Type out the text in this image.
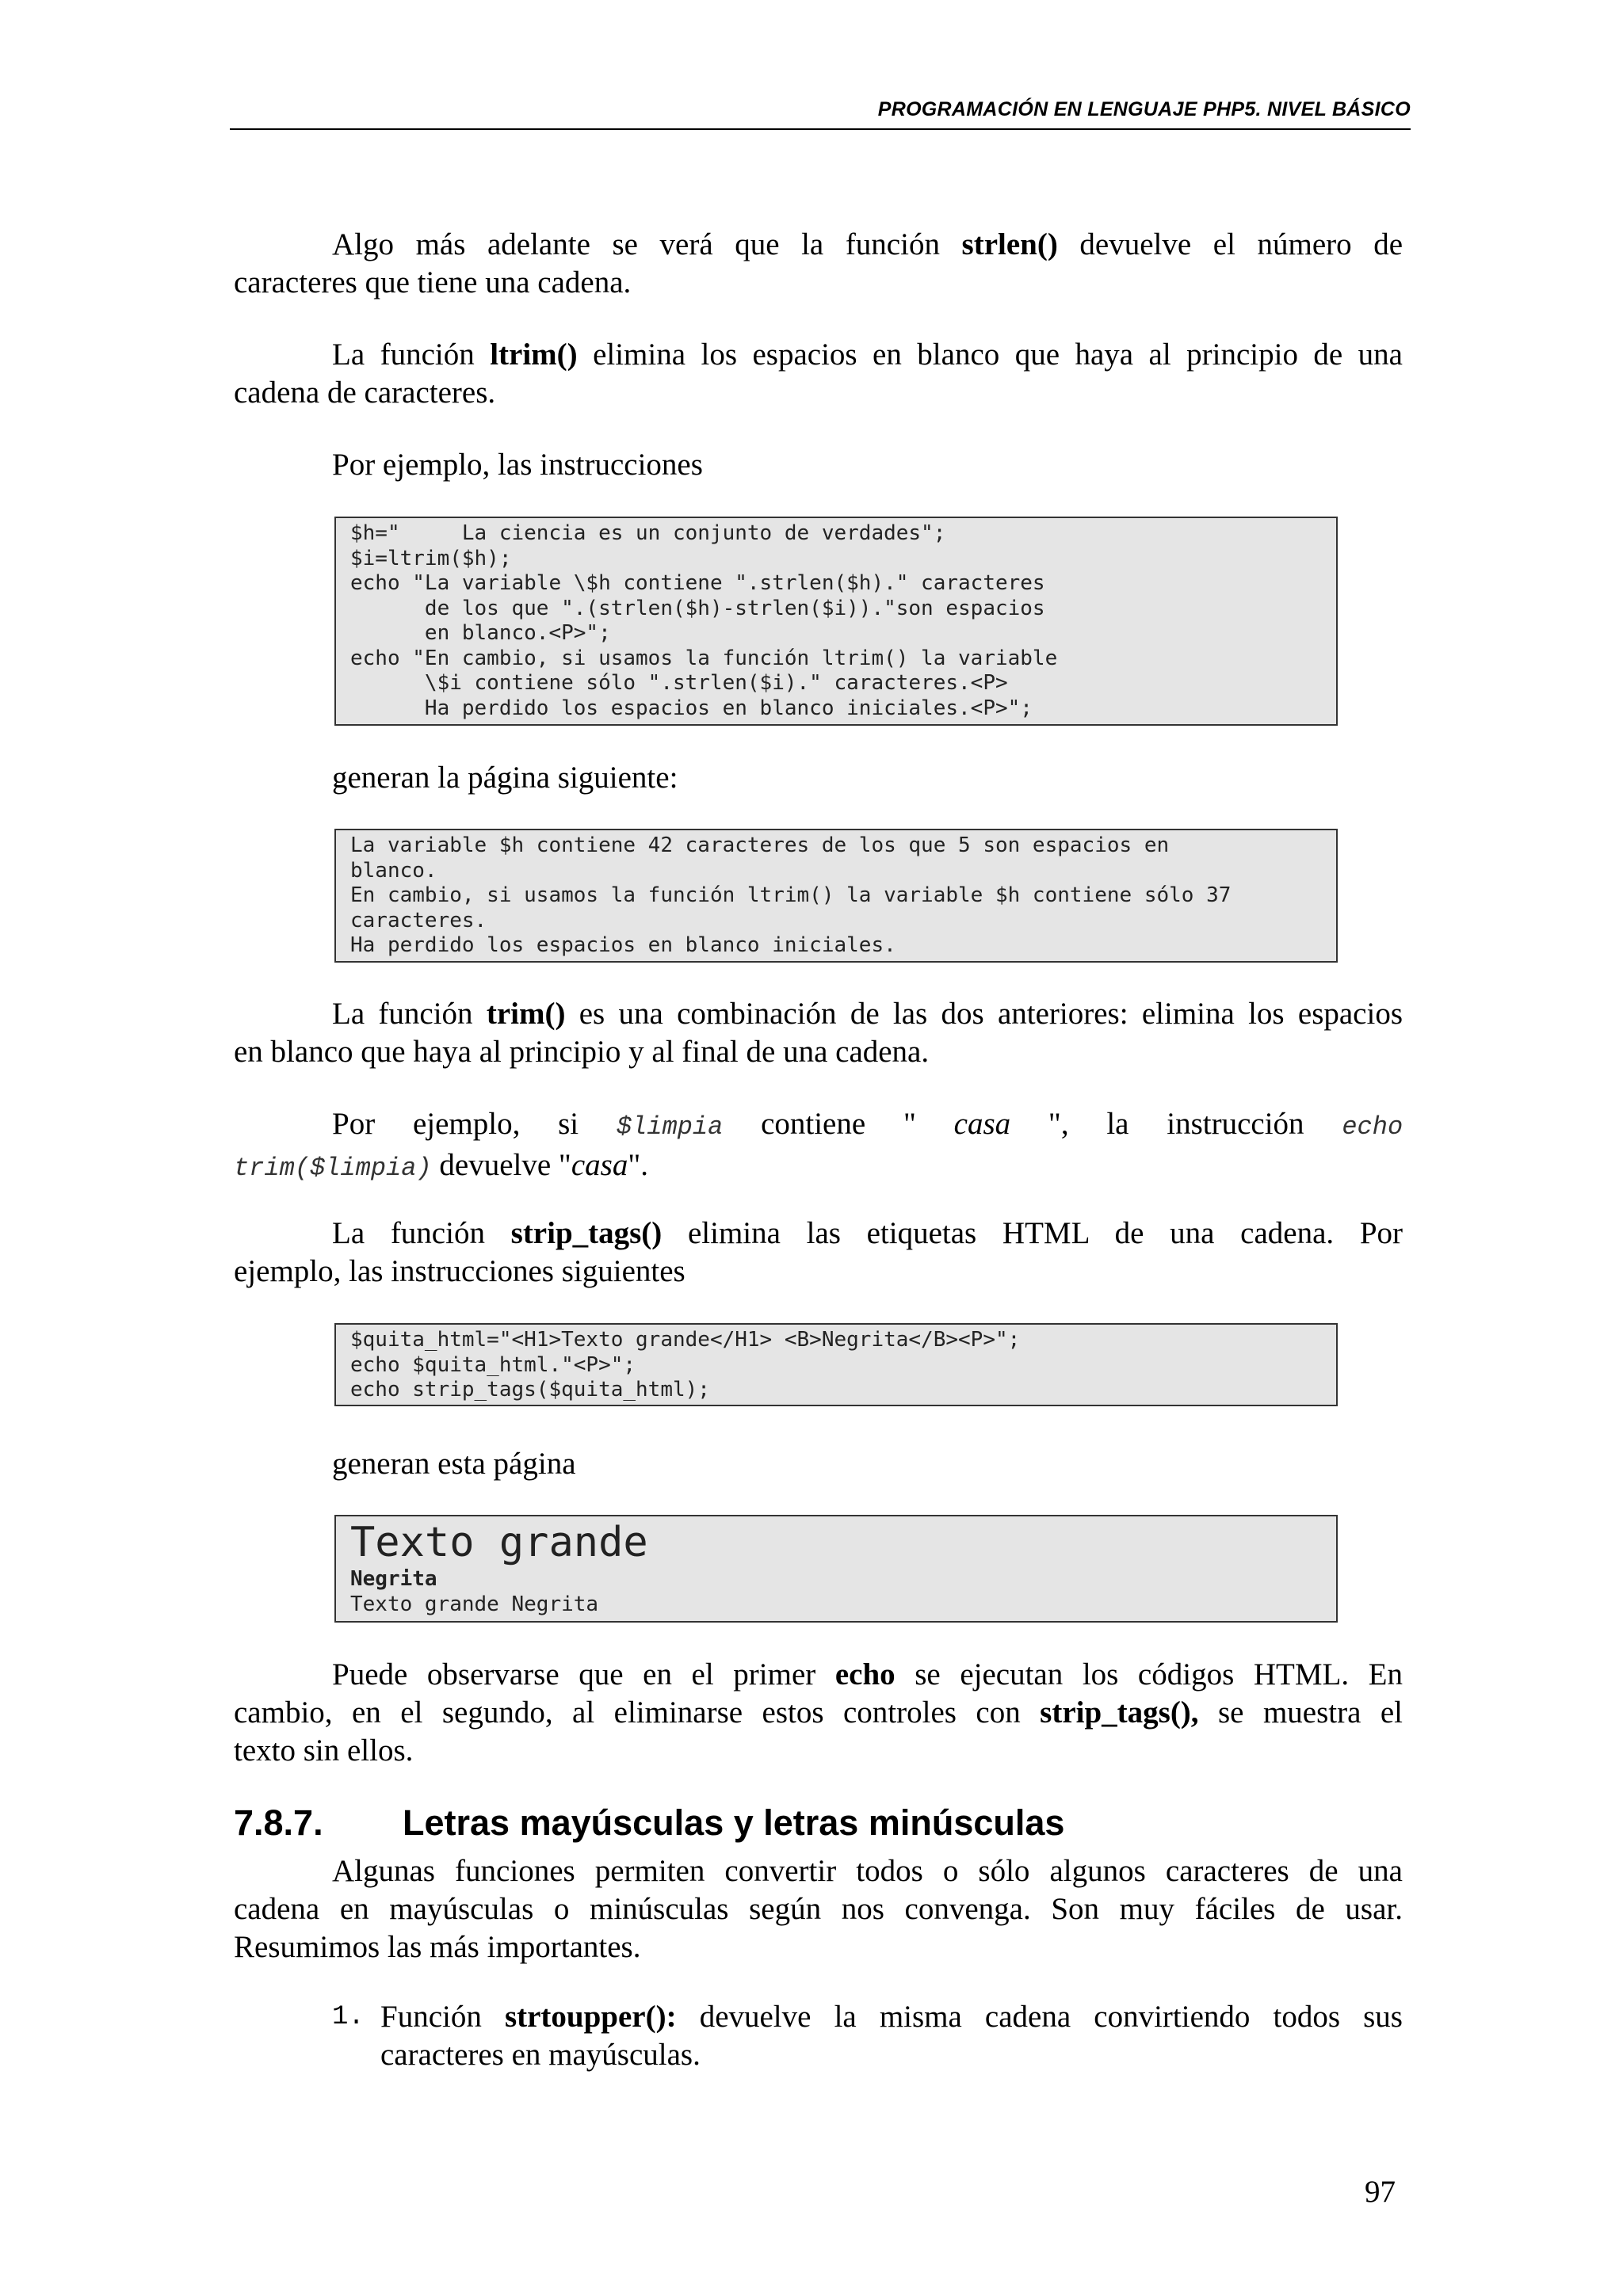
PROGRAMACIÓN EN LENGUAJE PHP5. NIVEL BÁSICO
Algo más adelante se verá que la función strlen() devuelve el número de
caracteres que tiene una cadena.
La función ltrim() elimina los espacios en blanco que haya al principio de una
cadena de caracteres.
Por ejemplo, las instrucciones
$h="     La ciencia es un conjunto de verdades";
$i=ltrim($h);
echo "La variable \$h contiene ".strlen($h)." caracteres
de los que ".(strlen($h)-strlen($i))."son espacios
en blanco.<P>";
echo "En cambio, si usamos la función ltrim() la variable
\$i contiene sólo ".strlen($i)." caracteres.<P>
Ha perdido los espacios en blanco iniciales.<P>";
generan la página siguiente:
La variable $h contiene 42 caracteres de los que 5 son espacios en
blanco.
En cambio, si usamos la función ltrim() la variable $h contiene sólo 37
caracteres.
Ha perdido los espacios en blanco iniciales.
La función trim() es una combinación de las dos anteriores: elimina los espacios
en blanco que haya al principio y al final de una cadena.
Por ejemplo, si $limpia contiene " casa ", la instrucción echo
trim($limpia) devuelve "casa".
La función strip_tags() elimina las etiquetas HTML de una cadena. Por
ejemplo, las instrucciones siguientes
$quita_html="<H1>Texto grande</H1> <B>Negrita</B><P>";
echo $quita_html."<P>";
echo strip_tags($quita_html);
generan esta página
Texto grande
Negrita
Texto grande Negrita
Puede observarse que en el primer echo se ejecutan los códigos HTML. En
cambio, en el segundo, al eliminarse estos controles con strip_tags(), se muestra el
texto sin ellos.
7.8.7. Letras mayúsculas y letras minúsculas
Algunas funciones permiten convertir todos o sólo algunos caracteres de una
cadena en mayúsculas o minúsculas según nos convenga. Son muy fáciles de usar.
Resumimos las más importantes.
1. Función strtoupper(): devuelve la misma cadena convirtiendo todos sus
caracteres en mayúsculas.
97
